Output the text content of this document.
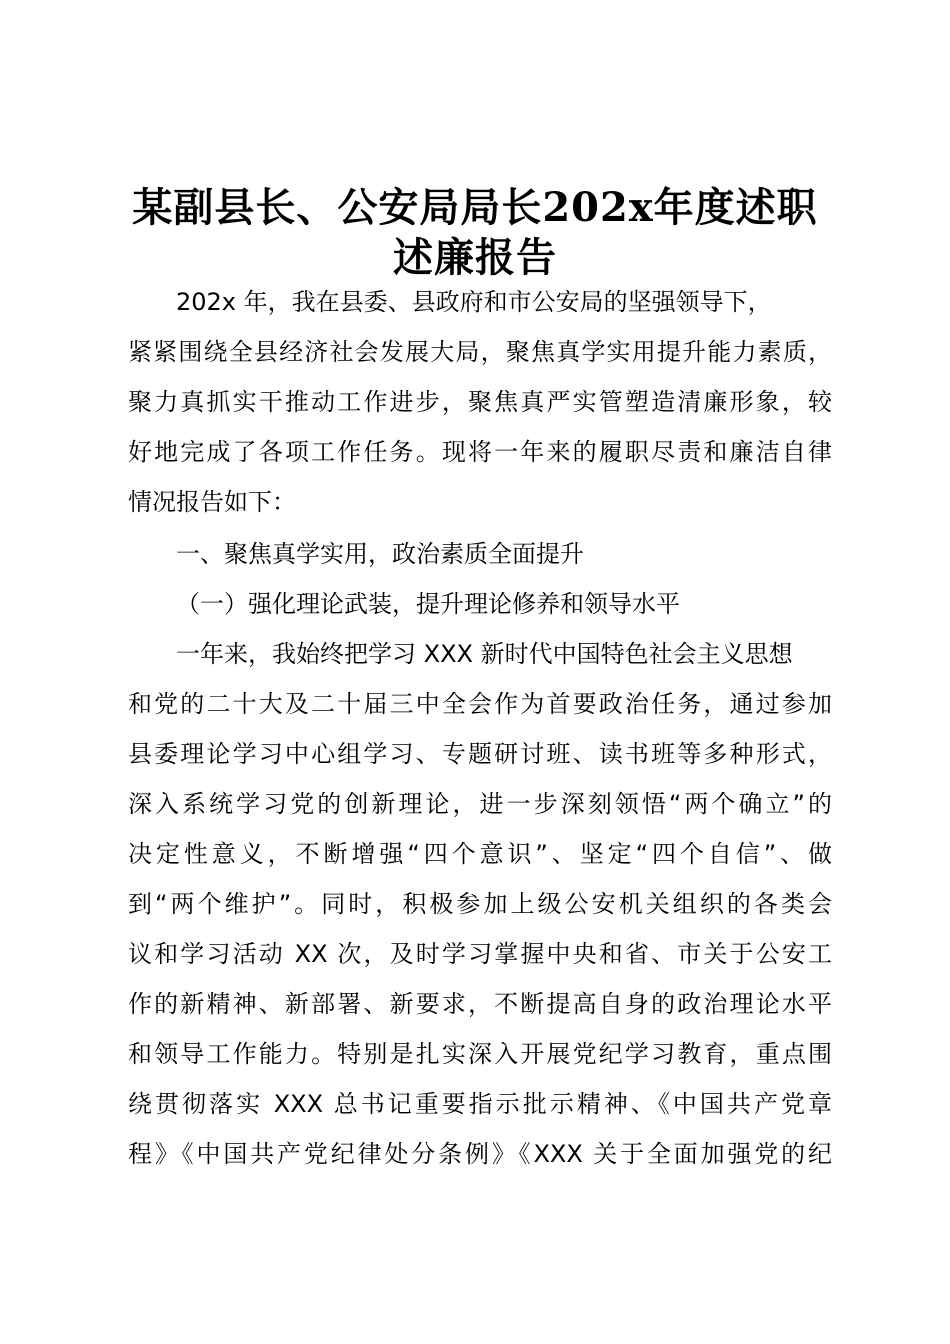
某副县长、公安局局长202x年度述职
述廉报告

202x 年，我在县委、县政府和市公安局的坚强领导下，

紧紧围绕全县经济社会发展大局，聚焦真学实用提升能力素质，

聚力真抓实干推动工作进步，聚焦真严实管塑造清廉形象，较

好地完成了各项工作任务。现将一年来的履职尽责和廉洁自律

情况报告如下：

一、聚焦真学实用，政治素质全面提升

（一）强化理论武装，提升理论修养和领导水平

一年来，我始终把学习 XXX 新时代中国特色社会主义思想

和党的二十大及二十届三中全会作为首要政治任务，通过参加

县委理论学习中心组学习、专题研讨班、读书班等多种形式，

深入系统学习党的创新理论，进一步深刻领悟“两个确立”的

决定性意义，不断增强“四个意识”、坚定“四个自信”、做

到“两个维护”。同时，积极参加上级公安机关组织的各类会

议和学习活动 XX 次，及时学习掌握中央和省、市关于公安工

作的新精神、新部署、新要求，不断提高自身的政治理论水平

和领导工作能力。特别是扎实深入开展党纪学习教育，重点围

绕贯彻落实 XXX 总书记重要指示批示精神、《中国共产党章

程》《中国共产党纪律处分条例》《XXX 关于全面加强党的纪
